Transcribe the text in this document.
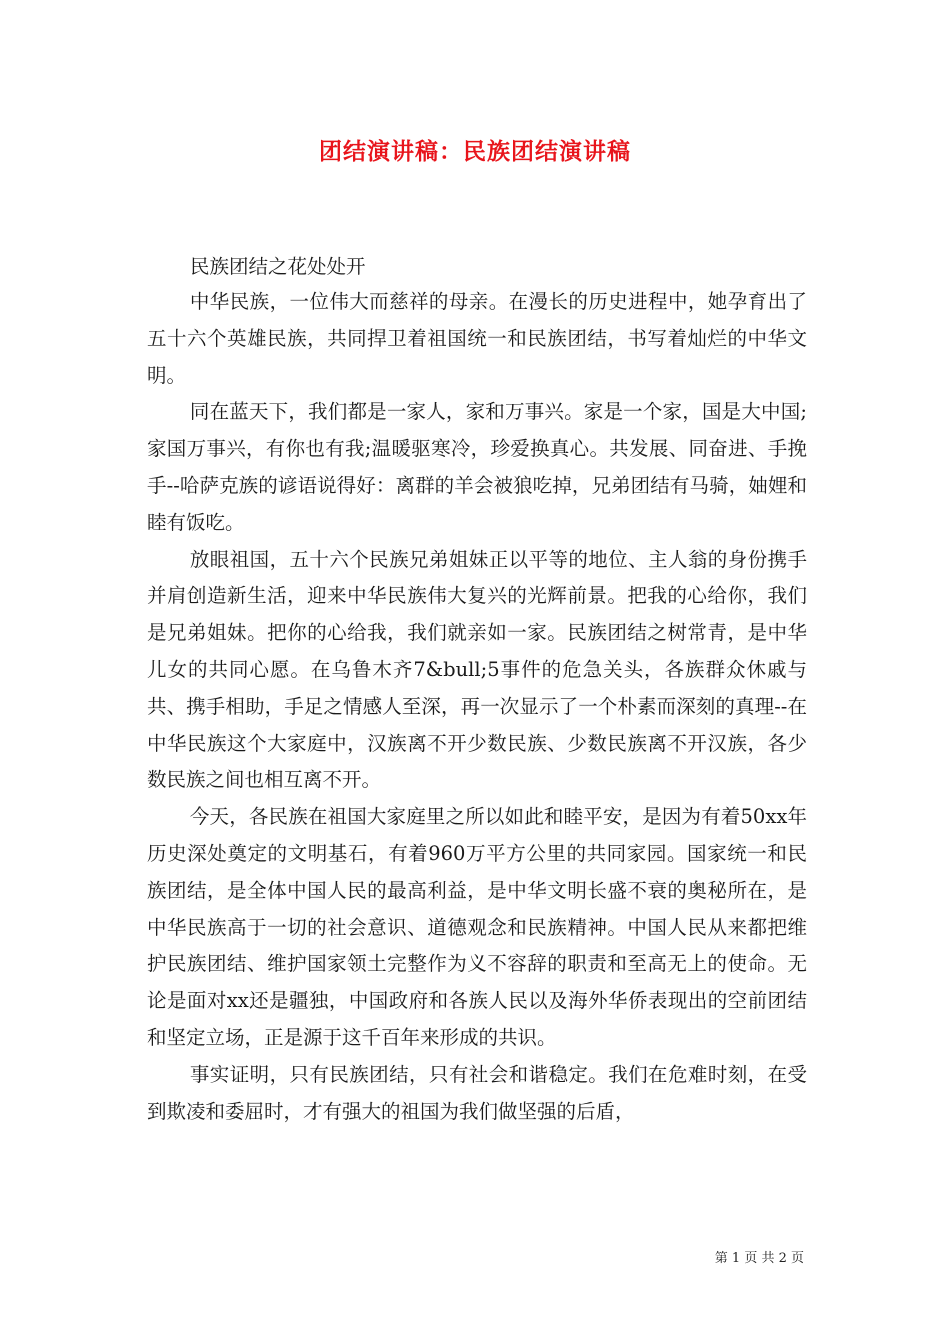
团结演讲稿：民族团结演讲稿
民族团结之花处处开

中华民族，一位伟大而慈祥的母亲。在漫长的历史进程中，她孕育出了五十六个英雄民族，共同捍卫着祖国统一和民族团结，书写着灿烂的中华文明。

同在蓝天下，我们都是一家人，家和万事兴。家是一个家，国是大中国;家国万事兴，有你也有我;温暖驱寒冷，珍爱换真心。共发展、同奋进、手挽手--哈萨克族的谚语说得好：离群的羊会被狼吃掉，兄弟团结有马骑，妯娌和睦有饭吃。

放眼祖国，五十六个民族兄弟姐妹正以平等的地位、主人翁的身份携手并肩创造新生活，迎来中华民族伟大复兴的光辉前景。把我的心给你，我们是兄弟姐妹。把你的心给我，我们就亲如一家。民族团结之树常青，是中华儿女的共同心愿。在乌鲁木齐7&bull;5事件的危急关头，各族群众休戚与共、携手相助，手足之情感人至深，再一次显示了一个朴素而深刻的真理--在中华民族这个大家庭中，汉族离不开少数民族、少数民族离不开汉族，各少数民族之间也相互离不开。

今天，各民族在祖国大家庭里之所以如此和睦平安，是因为有着50xx年历史深处奠定的文明基石，有着960万平方公里的共同家园。国家统一和民族团结，是全体中国人民的最高利益，是中华文明长盛不衰的奥秘所在，是中华民族高于一切的社会意识、道德观念和民族精神。中国人民从来都把维护民族团结、维护国家领土完整作为义不容辞的职责和至高无上的使命。无论是面对xx还是疆独，中国政府和各族人民以及海外华侨表现出的空前团结和坚定立场，正是源于这千百年来形成的共识。

事实证明，只有民族团结，只有社会和谐稳定。我们在危难时刻，在受到欺凌和委屈时，才有强大的祖国为我们做坚强的后盾，

第 1 页 共 2 页
